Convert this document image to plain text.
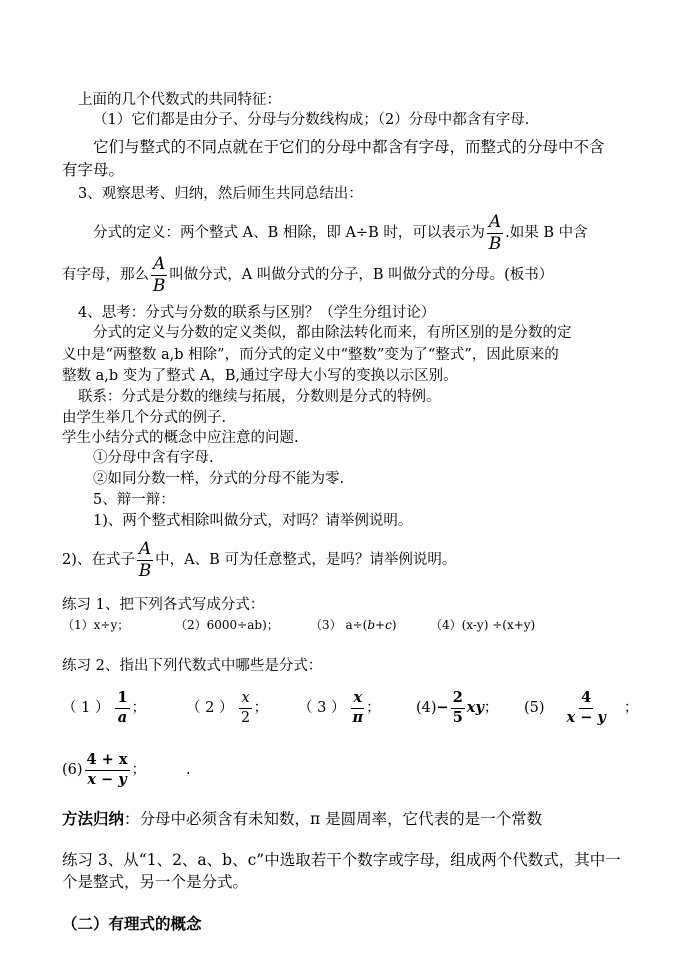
上面的几个代数式的共同特征：
（1）它们都是由分子、分母与分数线构成；（2）分母中都含有字母.
它们与整式的不同点就在于它们的分母中都含有字母，而整式的分母中不含
有字母。
3、观察思考、归纳，然后师生共同总结出：
分式的定义：两个整式 A、B 相除，即 A÷B 时，可以表示为 $\frac{A}{B}$ .如果 B 中含
有字母，那么 $\frac{A}{B}$ 叫做分式，A 叫做分式的分子，B 叫做分式的分母。(板书）
4、思考：分式与分数的联系与区别？（学生分组讨论）
分式的定义与分数的定义类似，都由除法转化而来，有所区别的是分数的定
义中是“两整数 a,b 相除”，而分式的定义中“整数”变为了“整式”，因此原来的
整数 a,b 变为了整式 A，B,通过字母大小写的变换以示区别。
联系：分式是分数的继续与拓展，分数则是分式的特例。
由学生举几个分式的例子.
学生小结分式的概念中应注意的问题.
①分母中含有字母.
②如同分数一样，分式的分母不能为零.
5、辩一辩：
1)、两个整式相除叫做分式，对吗？请举例说明。
2)、在式子 $\frac{A}{B}$ 中，A、B 可为任意整式，是吗？请举例说明。
练习 1、把下列各式写成分式：
（1）x÷y；	（2）6000÷ab)；	（3） a÷(b+c)	（4）(x-y) ÷(x+y)
练习 2、指出下列代数式中哪些是分式：
（ 1 ） $\frac{1}{a}$ ；	（ 2 ） $\frac{x}{2}$ ； （ 3 ） $\frac{x}{\pi}$ ； $(4) - \frac{2}{5}$ xy ； $(5) \frac{4}{x - y}$ ；
$(6) \frac{4 + x}{x - y}$ ；	.
方法归纳：分母中必须含有未知数，π 是圆周率，它代表的是一个常数
练习 3、从“1、2、a、b、c”中选取若干个数字或字母，组成两个代数式，其中一
个是整式，另一个是分式。
（二）有理式的概念
